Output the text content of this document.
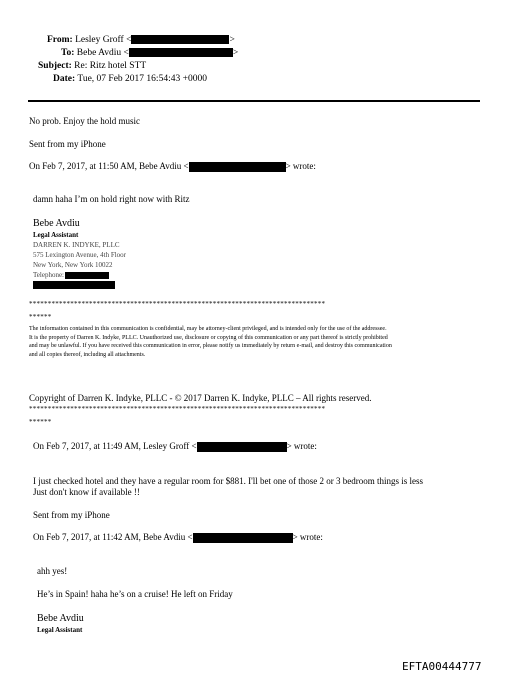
From: Lesley Groff <	>
To: Bebe Avdiu <	>
Subject: Re: Ritz hotel STT
Date: Tue, 07 Feb 2017 16:54:43 +0000
No prob. Enjoy the hold music
Sent from my iPhone
On Feb 7, 2017, at 11:50 AM, Bebe Avdiu <	> wrote:
damn haha I’m on hold right now with Ritz
Bebe Avdiu
Legal Assistant
DARREN K. INDYKE, PLLC
575 Lexington Avenue, 4th Floor
New York, New York 10022
Telephone:
*******************************************************************************
******
The information contained in this communication is confidential, may be attorney-client privileged, and is intended only for the use of the addressee.
It is the property of Darren K. Indyke, PLLC. Unauthorized use, disclosure or copying of this communication or any part thereof is strictly prohibited
and may be unlawful. If you have received this communication in error, please notify us immediately by return e-mail, and destroy this communication
and all copies thereof, including all attachments.
Copyright of Darren K. Indyke, PLLC - © 2017 Darren K. Indyke, PLLC – All rights reserved.
*******************************************************************************
******
On Feb 7, 2017, at 11:49 AM, Lesley Groff <	> wrote:
I just checked hotel and they have a regular room for $881. I'll bet one of those 2 or 3 bedroom things is less
Just don't know if available !!
Sent from my iPhone
On Feb 7, 2017, at 11:42 AM, Bebe Avdiu <	> wrote:
ahh yes!
He’s in Spain! haha he’s on a cruise! He left on Friday
Bebe Avdiu
Legal Assistant
EFTA00444777
